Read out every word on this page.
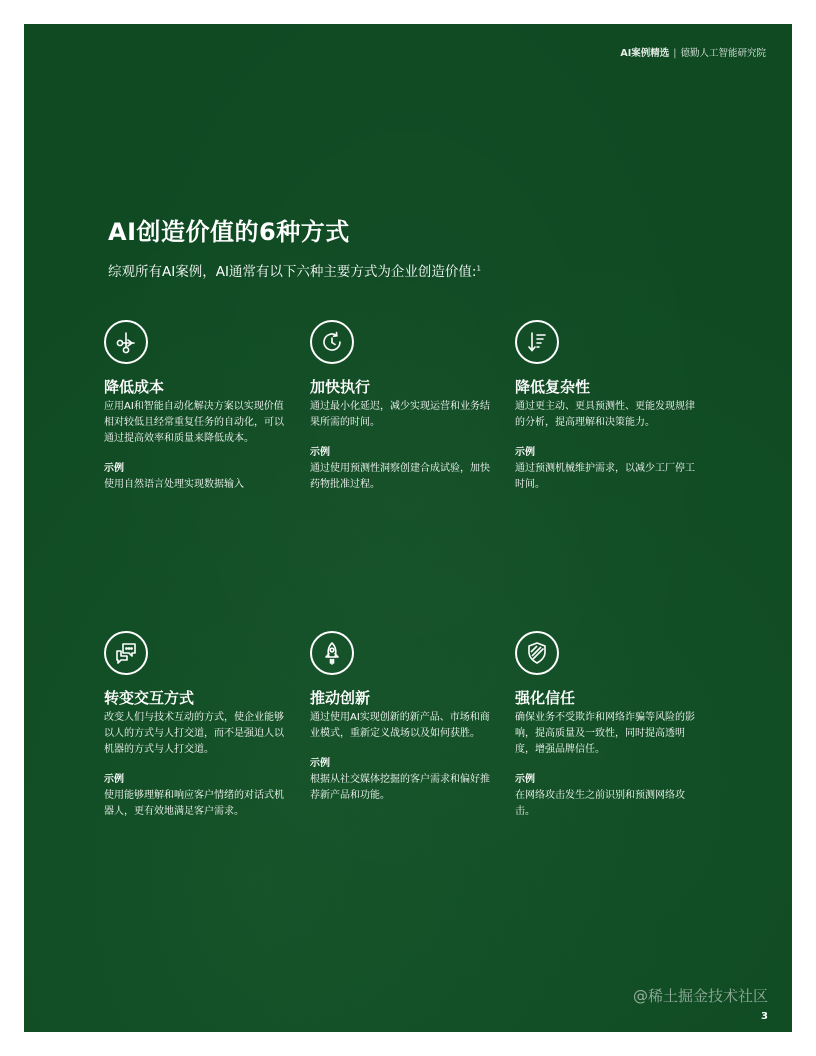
AI案例精选 | 德勤人工智能研究院
AI创造价值的6种方式

综观所有AI案例，AI通常有以下六种主要方式为企业创造价值:$^1$

降低成本

应用AI和智能自动化解决方案以实现价值相对较低且经常重复任务的自动化，可以通过提高效率和质量来降低成本。

示例

使用自然语言处理实现数据输入

加快执行

通过最小化延迟，减少实现运营和业务结果所需的时间。

示例

通过使用预测性洞察创建合成试验，加快药物批准过程。

降低复杂性

通过更主动、更具预测性、更能发现规律的分析，提高理解和决策能力。

示例

通过预测机械维护需求，以减少工厂停工时间。

转变交互方式

改变人们与技术互动的方式，使企业能够以人的方式与人打交道，而不是强迫人以机器的方式与人打交道。

示例

使用能够理解和响应客户情绪的对话式机器人，更有效地满足客户需求。

推动创新

通过使用AI实现创新的新产品、市场和商业模式，重新定义战场以及如何获胜。

示例

根据从社交媒体挖掘的客户需求和偏好推荐新产品和功能。

强化信任

确保业务不受欺诈和网络诈骗等风险的影响，提高质量及一致性，同时提高透明度，增强品牌信任。

示例

在网络攻击发生之前识别和预测网络攻击。

@稀土掘金技术社区
3
